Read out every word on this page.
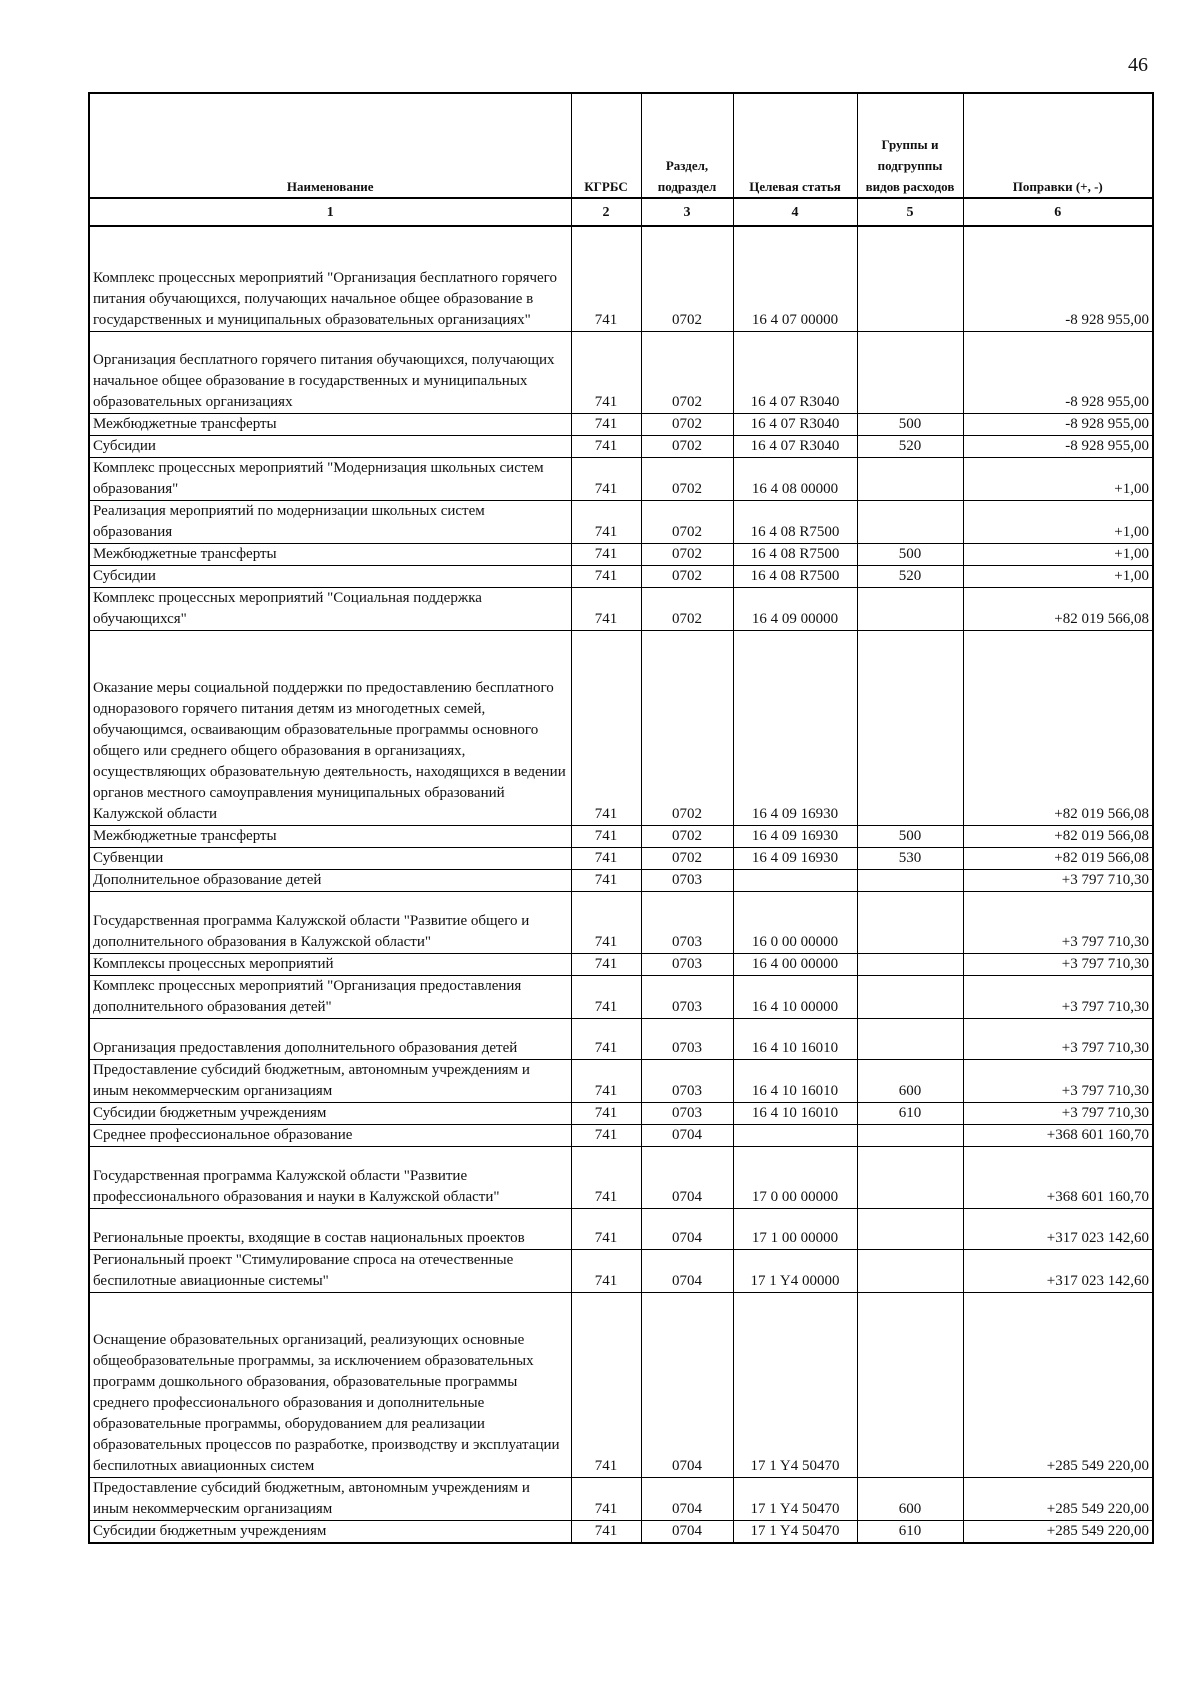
46
Наименование	КГРБС	Раздел, подраздел	Целевая статья	Группы и подгруппы видов расходов	Поправки (+, -)
1	2	3	4	5	6
Комплекс процессных мероприятий "Организация бесплатного горячего питания обучающихся, получающих начальное общее образование в государственных и муниципальных образовательных организациях"	741	0702	16 4 07 00000		-8 928 955,00
Организация бесплатного горячего питания обучающихся, получающих начальное общее образование в государственных и муниципальных образовательных организациях	741	0702	16 4 07 R3040		-8 928 955,00
Межбюджетные трансферты	741	0702	16 4 07 R3040	500	-8 928 955,00
Субсидии	741	0702	16 4 07 R3040	520	-8 928 955,00
Комплекс процессных мероприятий "Модернизация школьных систем образования"	741	0702	16 4 08 00000		+1,00
Реализация мероприятий по модернизации школьных систем образования	741	0702	16 4 08 R7500		+1,00
Межбюджетные трансферты	741	0702	16 4 08 R7500	500	+1,00
Субсидии	741	0702	16 4 08 R7500	520	+1,00
Комплекс процессных мероприятий "Социальная поддержка обучающихся"	741	0702	16 4 09 00000		+82 019 566,08
Оказание меры социальной поддержки по предоставлению бесплатного одноразового горячего питания детям из многодетных семей, обучающимся, осваивающим образовательные программы основного общего или среднего общего образования в организациях, осуществляющих образовательную деятельность, находящихся в ведении органов местного самоуправления муниципальных образований Калужской области	741	0702	16 4 09 16930		+82 019 566,08
Межбюджетные трансферты	741	0702	16 4 09 16930	500	+82 019 566,08
Субвенции	741	0702	16 4 09 16930	530	+82 019 566,08
Дополнительное образование детей	741	0703			+3 797 710,30
Государственная программа Калужской области "Развитие общего и дополнительного образования в Калужской области"	741	0703	16 0 00 00000		+3 797 710,30
Комплексы процессных мероприятий	741	0703	16 4 00 00000		+3 797 710,30
Комплекс процессных мероприятий "Организация предоставления дополнительного образования детей"	741	0703	16 4 10 00000		+3 797 710,30
Организация предоставления дополнительного образования детей	741	0703	16 4 10 16010		+3 797 710,30
Предоставление субсидий бюджетным, автономным учреждениям и иным некоммерческим организациям	741	0703	16 4 10 16010	600	+3 797 710,30
Субсидии бюджетным учреждениям	741	0703	16 4 10 16010	610	+3 797 710,30
Среднее профессиональное образование	741	0704			+368 601 160,70
Государственная программа Калужской области "Развитие профессионального образования и науки в Калужской области"	741	0704	17 0 00 00000		+368 601 160,70
Региональные проекты, входящие в состав национальных проектов	741	0704	17 1 00 00000		+317 023 142,60
Региональный проект "Стимулирование спроса на отечественные беспилотные авиационные системы"	741	0704	17 1 Y4 00000		+317 023 142,60
Оснащение образовательных организаций, реализующих основные общеобразовательные программы, за исключением образовательных программ дошкольного образования, образовательные программы среднего профессионального образования и дополнительные образовательные программы, оборудованием для реализации образовательных процессов по разработке, производству и эксплуатации беспилотных авиационных систем	741	0704	17 1 Y4 50470		+285 549 220,00
Предоставление субсидий бюджетным, автономным учреждениям и иным некоммерческим организациям	741	0704	17 1 Y4 50470	600	+285 549 220,00
Субсидии бюджетным учреждениям	741	0704	17 1 Y4 50470	610	+285 549 220,00
